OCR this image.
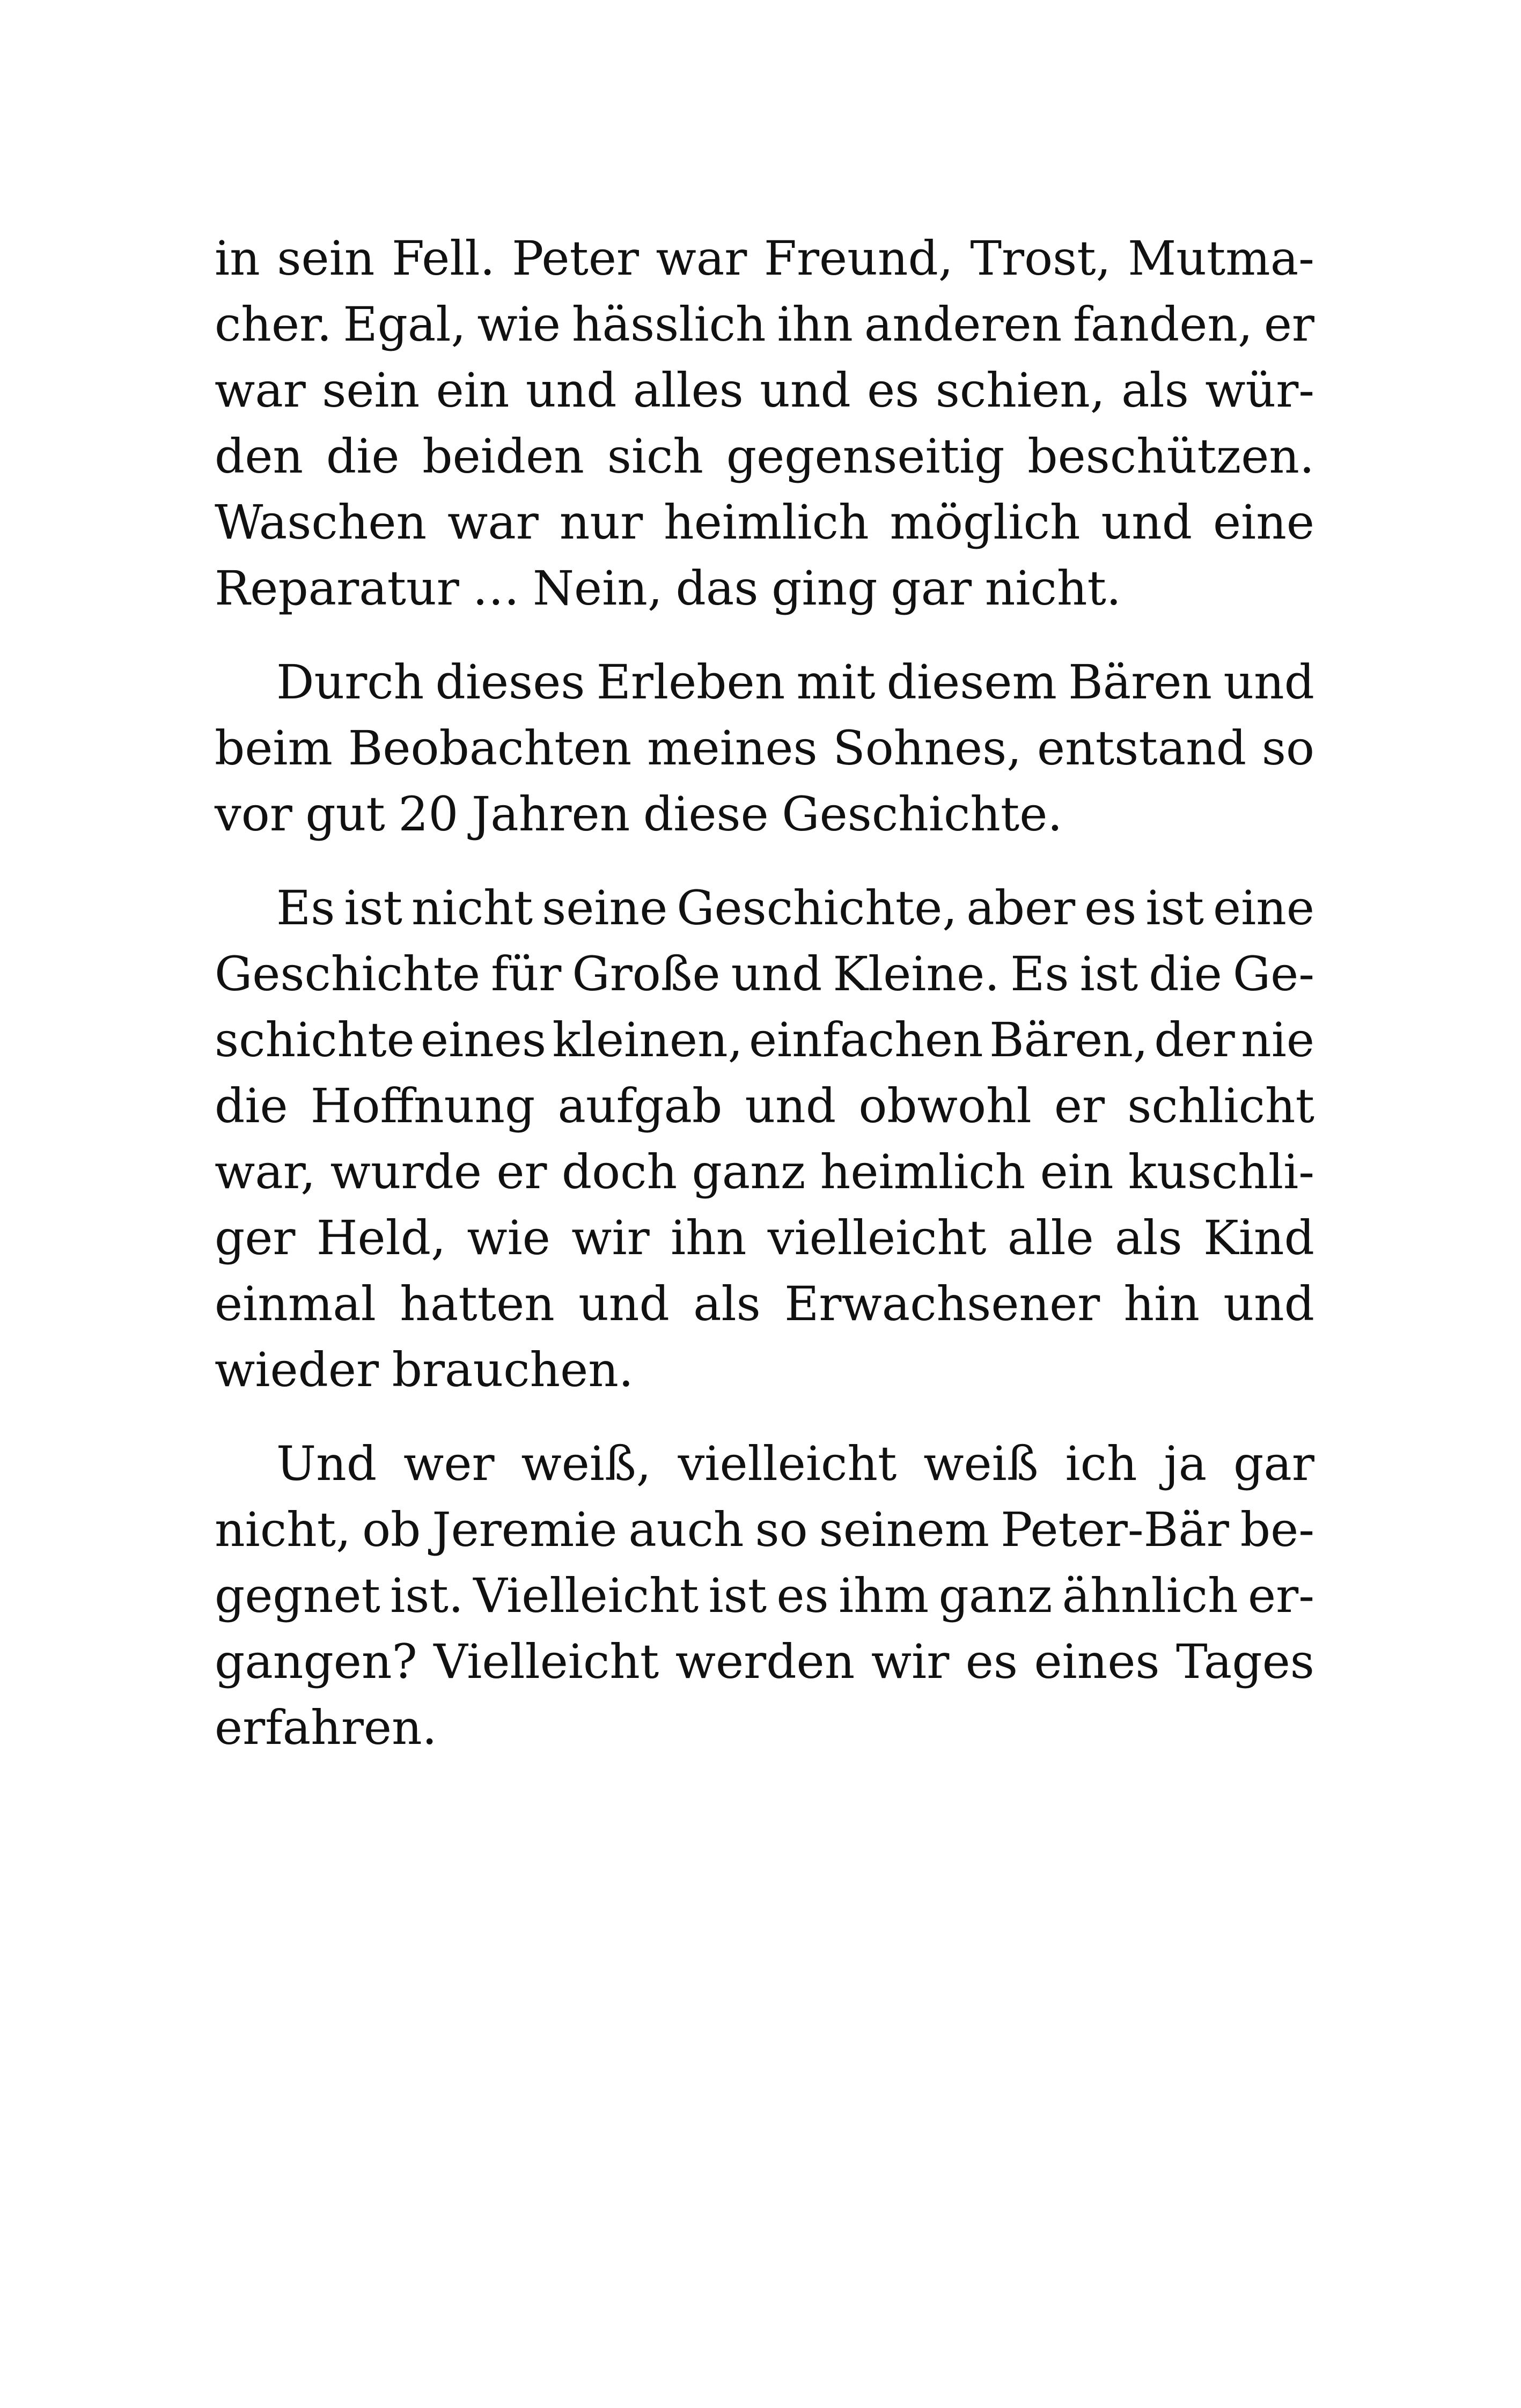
in sein Fell. Peter war Freund, Trost, Mutma-
cher. Egal, wie hässlich ihn anderen fanden, er
war sein ein und alles und es schien, als wür-
den die beiden sich gegenseitig beschützen.
Waschen war nur heimlich möglich und eine
Reparatur … Nein, das ging gar nicht.
Durch dieses Erleben mit diesem Bären und
beim Beobachten meines Sohnes, entstand so
vor gut 20 Jahren diese Geschichte.
Es ist nicht seine Geschichte, aber es ist eine
Geschichte für Große und Kleine. Es ist die Ge-
schichte eines kleinen, einfachen Bären, der nie
die Hoffnung aufgab und obwohl er schlicht
war, wurde er doch ganz heimlich ein kuschli-
ger Held, wie wir ihn vielleicht alle als Kind
einmal hatten und als Erwachsener hin und
wieder brauchen.
Und wer weiß, vielleicht weiß ich ja gar
nicht, ob Jeremie auch so seinem Peter-Bär be-
gegnet ist. Vielleicht ist es ihm ganz ähnlich er-
gangen? Vielleicht werden wir es eines Tages
erfahren.
